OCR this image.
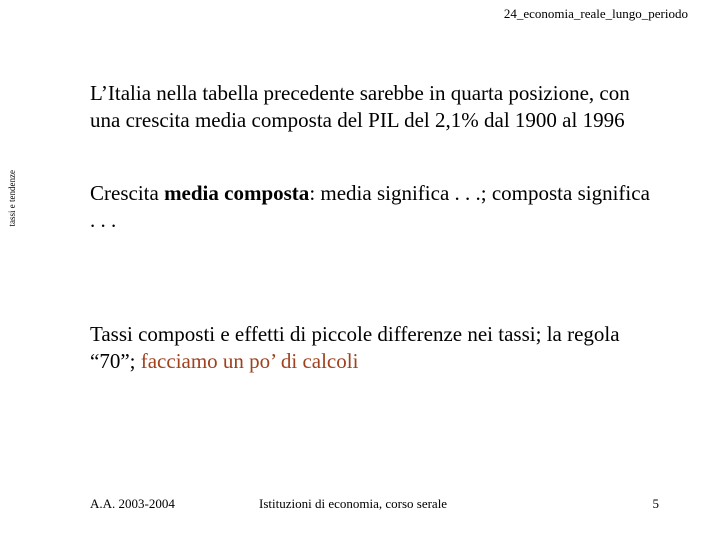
24_economia_reale_lungo_periodo
tassi e tendenze

L’Italia nella tabella precedente sarebbe in quarta posizione, con una crescita media composta del PIL del 2,1% dal 1900 al 1996

Crescita media composta: media significa . . .; composta significa . . .

Tassi composti e effetti di piccole differenze nei tassi; la regola “70”; facciamo un po’ di calcoli

A.A. 2003-2004	Istituzioni di economia, corso serale	5
